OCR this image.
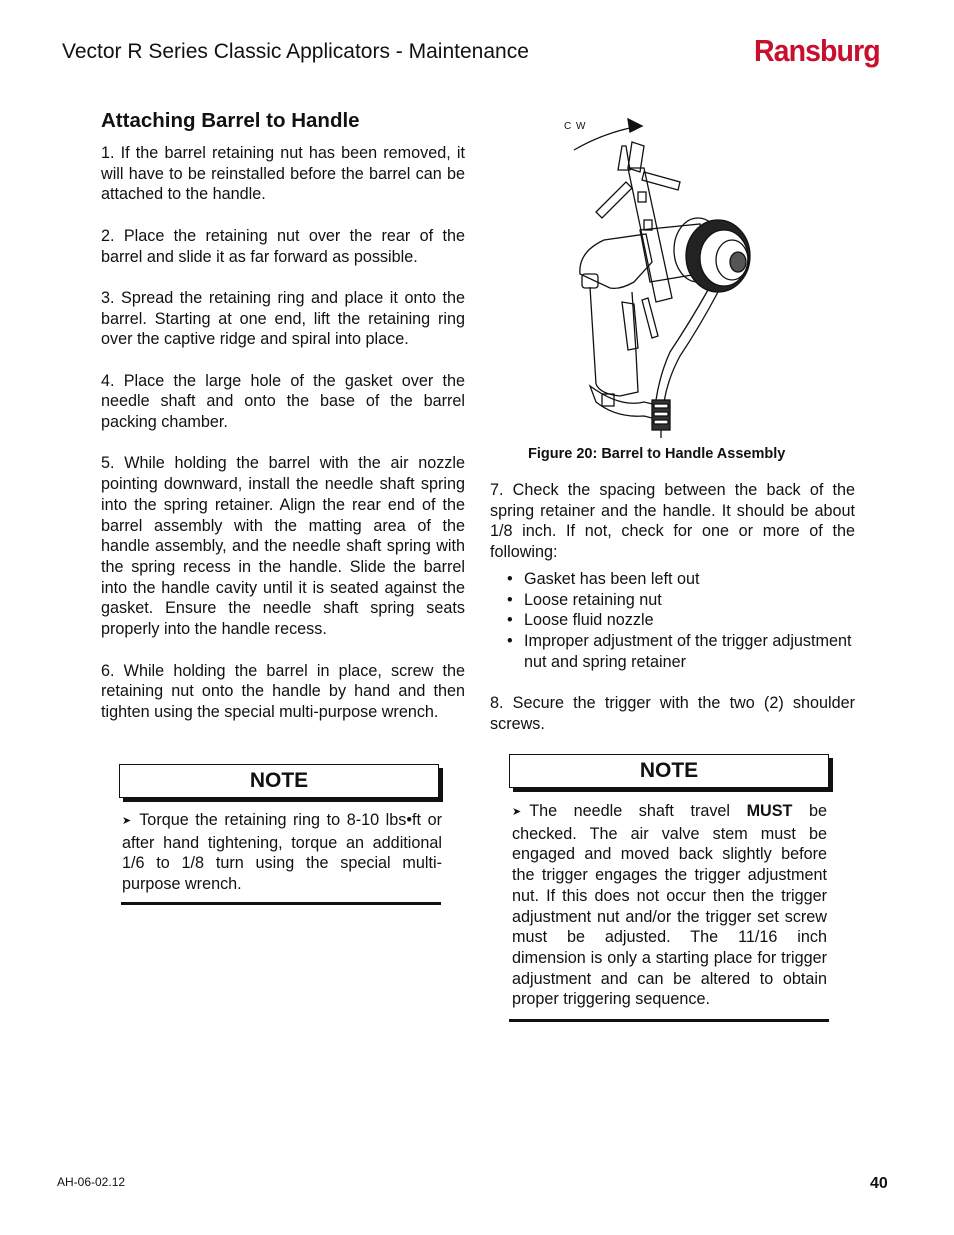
Vector R Series Classic Applicators - Maintenance	Ransburg
Attaching Barrel to Handle

1. If the barrel retaining nut has been removed, it will have to be reinstalled before the barrel can be attached to the handle.

2. Place the retaining nut over the rear of the barrel and slide it as far forward as possible.

3. Spread the retaining ring and place it onto the barrel. Starting at one end, lift the retaining ring over the captive ridge and spiral into place.

4. Place the large hole of the gasket over the needle shaft and onto the base of the barrel packing chamber.

5. While holding the barrel with the air nozzle pointing downward, install the needle shaft spring into the spring retainer. Align the rear end of the barrel assembly with the matting area of the handle assembly, and the needle shaft spring with the spring recess in the handle. Slide the barrel into the handle cavity until it is seated against the gasket. Ensure the needle shaft spring seats properly into the handle recess.

6. While holding the barrel in place, screw the retaining nut onto the handle by hand and then tighten using the special multi-purpose wrench.

C W
Figure 20: Barrel to Handle Assembly

7. Check the spacing between the back of the spring retainer and the handle. It should be about 1/8 inch. If not, check for one or more of the following:

• Gasket has been left out
• Loose retaining nut
• Loose fluid nozzle
• Improper adjustment of the trigger adjustment nut and spring retainer

8. Secure the trigger with the two (2) shoulder screws.

NOTE
➤ Torque the retaining ring to 8-10 lbs•ft or after hand tightening, torque an additional 1/6 to 1/8 turn using the special multi-purpose wrench.
NOTE
➤ The needle shaft travel MUST be checked. The air valve stem must be engaged and moved back slightly before the trigger engages the trigger adjustment nut. If this does not occur then the trigger adjustment nut and/or the trigger set screw must be adjusted. The 11/16 inch dimension is only a starting place for trigger adjustment and can be altered to obtain proper triggering sequence.
AH-06-02.12	40
